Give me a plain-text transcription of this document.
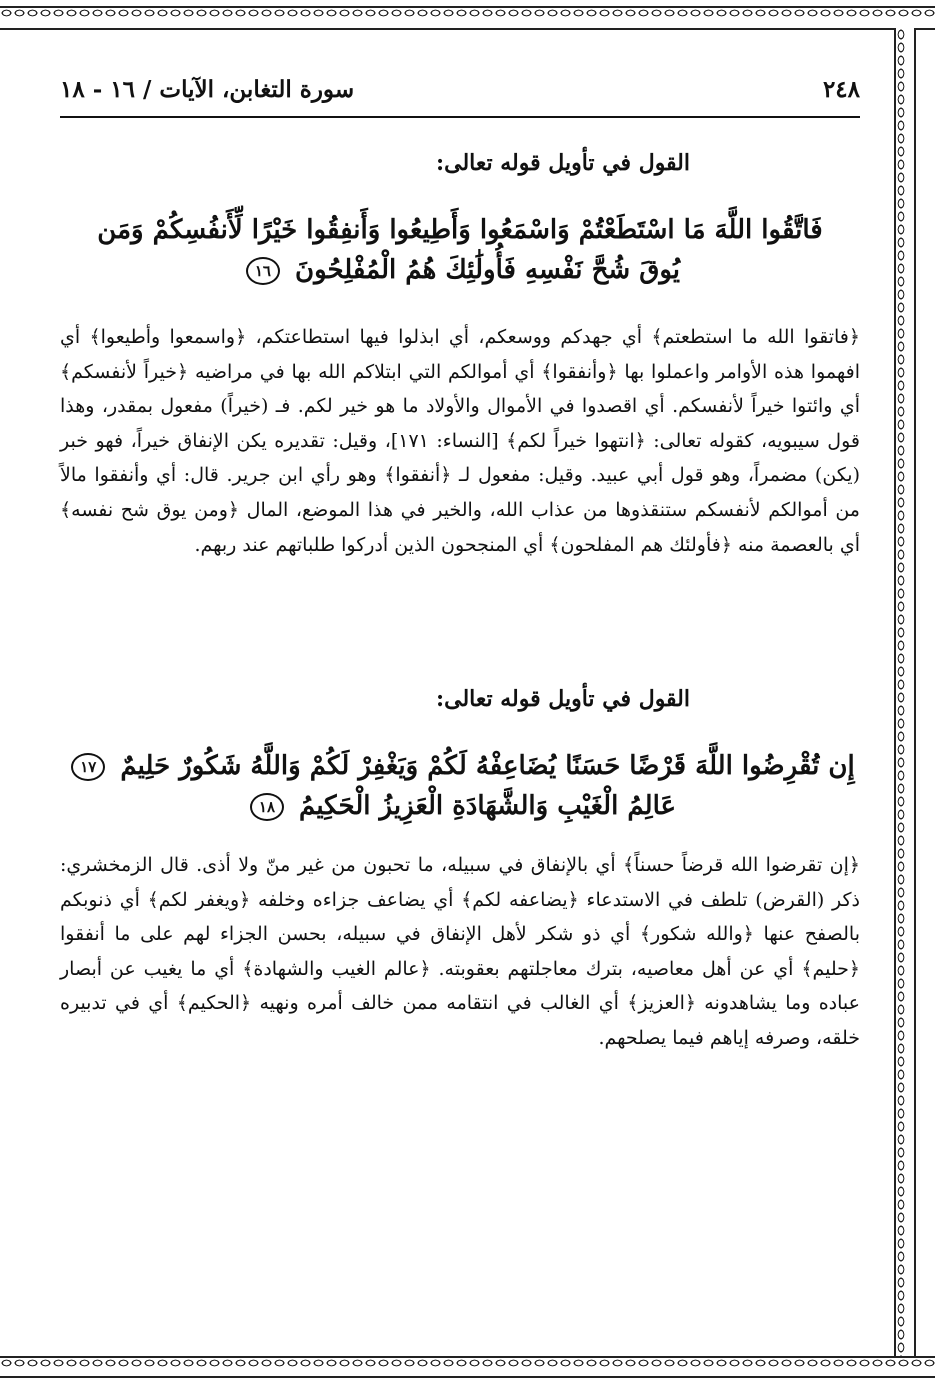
٢٤٨
سورة التغابن، الآيات / ١٦ - ١٨
القول في تأويل قوله تعالى:
فَاتَّقُوا اللَّهَ مَا اسْتَطَعْتُمْ وَاسْمَعُوا وَأَطِيعُوا وَأَنفِقُوا خَيْرًا لِّأَنفُسِكُمْ وَمَن
يُوقَ شُحَّ نَفْسِهِ فَأُولَٰئِكَ هُمُ الْمُفْلِحُونَ ١٦

﴿فاتقوا الله ما استطعتم﴾ أي جهدكم ووسعكم، أي ابذلوا فيها استطاعتكم، ﴿واسمعوا وأطيعوا﴾ أي افهموا هذه الأوامر واعملوا بها ﴿وأنفقوا﴾ أي أموالكم التي ابتلاكم الله بها في مراضيه ﴿خيراً لأنفسكم﴾ أي وائتوا خيراً لأنفسكم. أي اقصدوا في الأموال والأولاد ما هو خير لكم. فـ (خيراً) مفعول بمقدر، وهذا قول سيبويه، كقوله تعالى: ﴿انتهوا خيراً لكم﴾ [النساء: ١٧١]، وقيل: تقديره يكن الإنفاق خيراً، فهو خبر (يكن) مضمراً، وهو قول أبي عبيد. وقيل: مفعول لـ ﴿أنفقوا﴾ وهو رأي ابن جرير. قال: أي وأنفقوا مالاً من أموالكم لأنفسكم ستنقذوها من عذاب الله، والخير في هذا الموضع، المال ﴿ومن يوق شح نفسه﴾ أي بالعصمة منه ﴿فأولئك هم المفلحون﴾ أي المنجحون الذين أدركوا طلباتهم عند ربهم.

القول في تأويل قوله تعالى:
إِن تُقْرِضُوا اللَّهَ قَرْضًا حَسَنًا يُضَاعِفْهُ لَكُمْ وَيَغْفِرْ لَكُمْ وَاللَّهُ شَكُورٌ حَلِيمٌ ١٧
عَالِمُ الْغَيْبِ وَالشَّهَادَةِ الْعَزِيزُ الْحَكِيمُ ١٨

﴿إن تقرضوا الله قرضاً حسناً﴾ أي بالإنفاق في سبيله، ما تحبون من غير منّ ولا أذى. قال الزمخشري: ذكر (القرض) تلطف في الاستدعاء ﴿يضاعفه لكم﴾ أي يضاعف جزاءه وخلفه ﴿ويغفر لكم﴾ أي ذنوبكم بالصفح عنها ﴿والله شكور﴾ أي ذو شكر لأهل الإنفاق في سبيله، بحسن الجزاء لهم على ما أنفقوا ﴿حليم﴾ أي عن أهل معاصيه، بترك معاجلتهم بعقوبته. ﴿عالم الغيب والشهادة﴾ أي ما يغيب عن أبصار عباده وما يشاهدونه ﴿العزيز﴾ أي الغالب في انتقامه ممن خالف أمره ونهيه ﴿الحكيم﴾ أي في تدبيره خلقه، وصرفه إياهم فيما يصلحهم.
